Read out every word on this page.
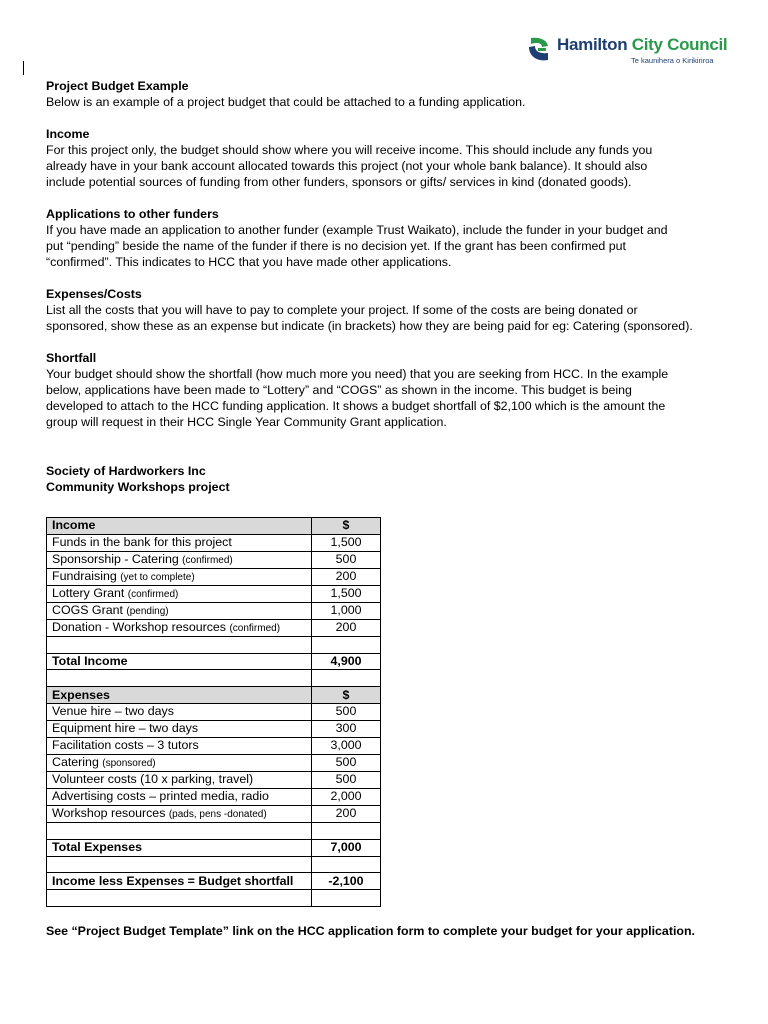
Hamilton City Council
Te kaunihera o Kirikiriroa

Project Budget Example

Below is an example of a project budget that could be attached to a funding application.

Income

For this project only, the budget should show where you will receive income. This should include any funds you

already have in your bank account allocated towards this project (not your whole bank balance). It should also

include potential sources of funding from other funders, sponsors or gifts/ services in kind (donated goods).

Applications to other funders

If you have made an application to another funder (example Trust Waikato), include the funder in your budget and

put “pending” beside the name of the funder if there is no decision yet. If the grant has been confirmed put

“confirmed”. This indicates to HCC that you have made other applications.

Expenses/Costs

List all the costs that you will have to pay to complete your project. If some of the costs are being donated or

sponsored, show these as an expense but indicate (in brackets) how they are being paid for eg: Catering (sponsored).

Shortfall

Your budget should show the shortfall (how much more you need) that you are seeking from HCC. In the example

below, applications have been made to “Lottery” and “COGS” as shown in the income. This budget is being

developed to attach to the HCC funding application. It shows a budget shortfall of $2,100 which is the amount the

group will request in their HCC Single Year Community Grant application.

Society of Hardworkers Inc
Community Workshops project
Income	$
Funds in the bank for this project	1,500
Sponsorship - Catering (confirmed)	500
Fundraising (yet to complete)	200
Lottery Grant (confirmed)	1,500
COGS Grant (pending)	1,000
Donation - Workshop resources (confirmed)	200

Total Income	4,900

Expenses	$
Venue hire – two days	500
Equipment hire – two days	300
Facilitation costs – 3 tutors	3,000
Catering (sponsored)	500
Volunteer costs (10 x parking, travel)	500
Advertising costs – printed media, radio	2,000
Workshop resources (pads, pens -donated)	200

Total Expenses	7,000

Income less Expenses = Budget shortfall	-2,100

See “Project Budget Template” link on the HCC application form to complete your budget for your application.
